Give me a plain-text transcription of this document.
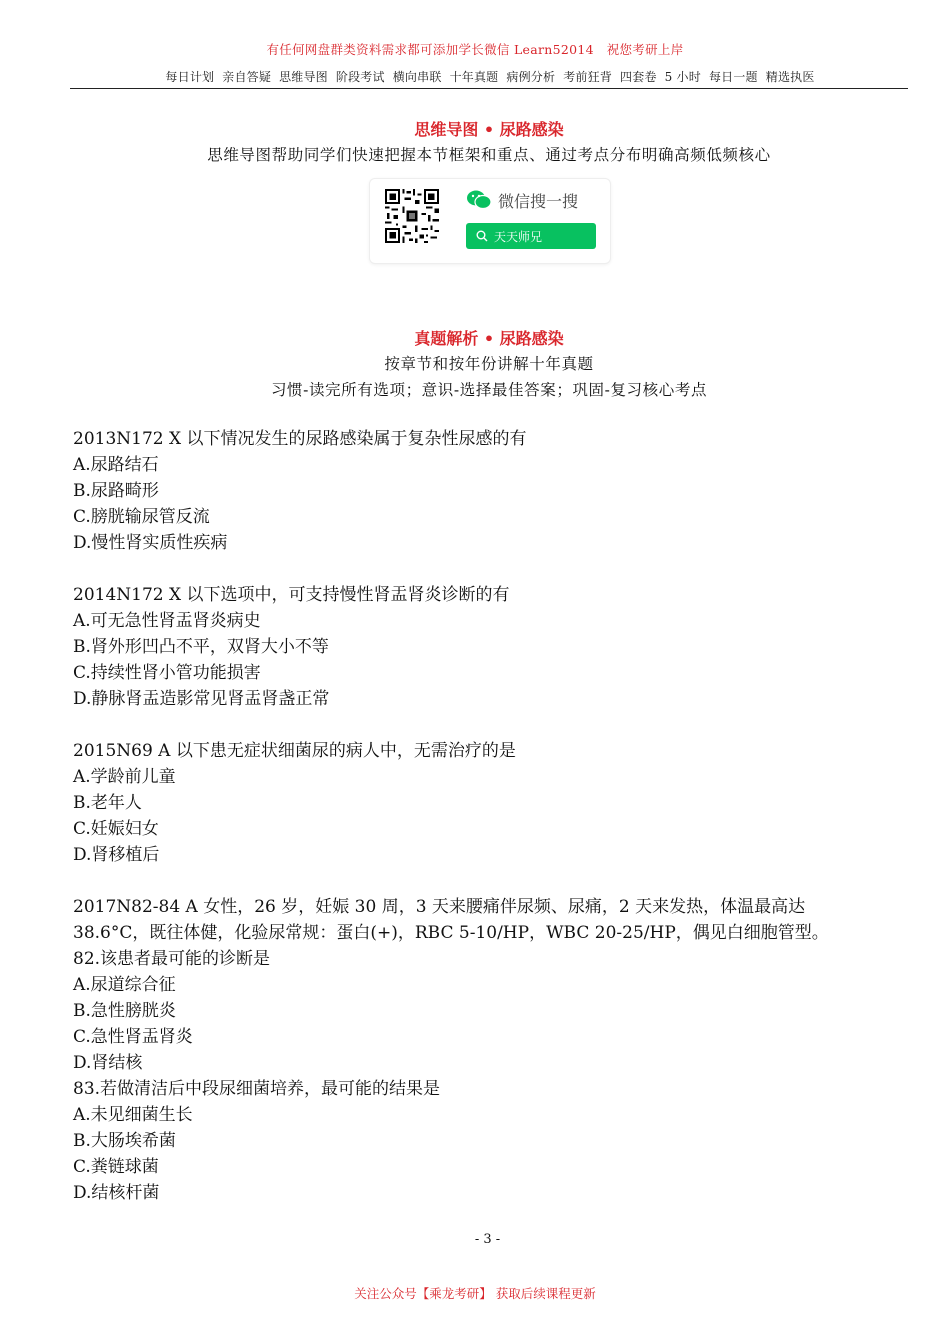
有任何网盘群类资料需求都可添加学长微信 Learn52014　祝您考研上岸
每日计划 亲自答疑 思维导图 阶段考试 横向串联 十年真题 病例分析 考前狂背 四套卷 5 小时 每日一题 精选执医
思维导图 • 尿路感染
思维导图帮助同学们快速把握本节框架和重点、通过考点分布明确高频低频核心
微信搜一搜
天天师兄
真题解析 • 尿路感染
按章节和按年份讲解十年真题
习惯-读完所有选项；意识-选择最佳答案；巩固-复习核心考点
2013N172 X 以下情况发生的尿路感染属于复杂性尿感的有
A.尿路结石
B.尿路畸形
C.膀胱输尿管反流
D.慢性肾实质性疾病
2014N172 X 以下选项中，可支持慢性肾盂肾炎诊断的有
A.可无急性肾盂肾炎病史
B.肾外形凹凸不平，双肾大小不等
C.持续性肾小管功能损害
D.静脉肾盂造影常见肾盂肾盏正常
2015N69 A 以下患无症状细菌尿的病人中，无需治疗的是
A.学龄前儿童
B.老年人
C.妊娠妇女
D.肾移植后
2017N82-84 A 女性，26 岁，妊娠 30 周，3 天来腰痛伴尿频、尿痛，2 天来发热，体温最高达
38.6°C，既往体健，化验尿常规：蛋白(+)，RBC 5-10/HP，WBC 20-25/HP，偶见白细胞管型。
82.该患者最可能的诊断是
A.尿道综合征
B.急性膀胱炎
C.急性肾盂肾炎
D.肾结核
83.若做清洁后中段尿细菌培养，最可能的结果是
A.未见细菌生长
B.大肠埃希菌
C.粪链球菌
D.结核杆菌
- 3 -
关注公众号【乘龙考研】 获取后续课程更新
